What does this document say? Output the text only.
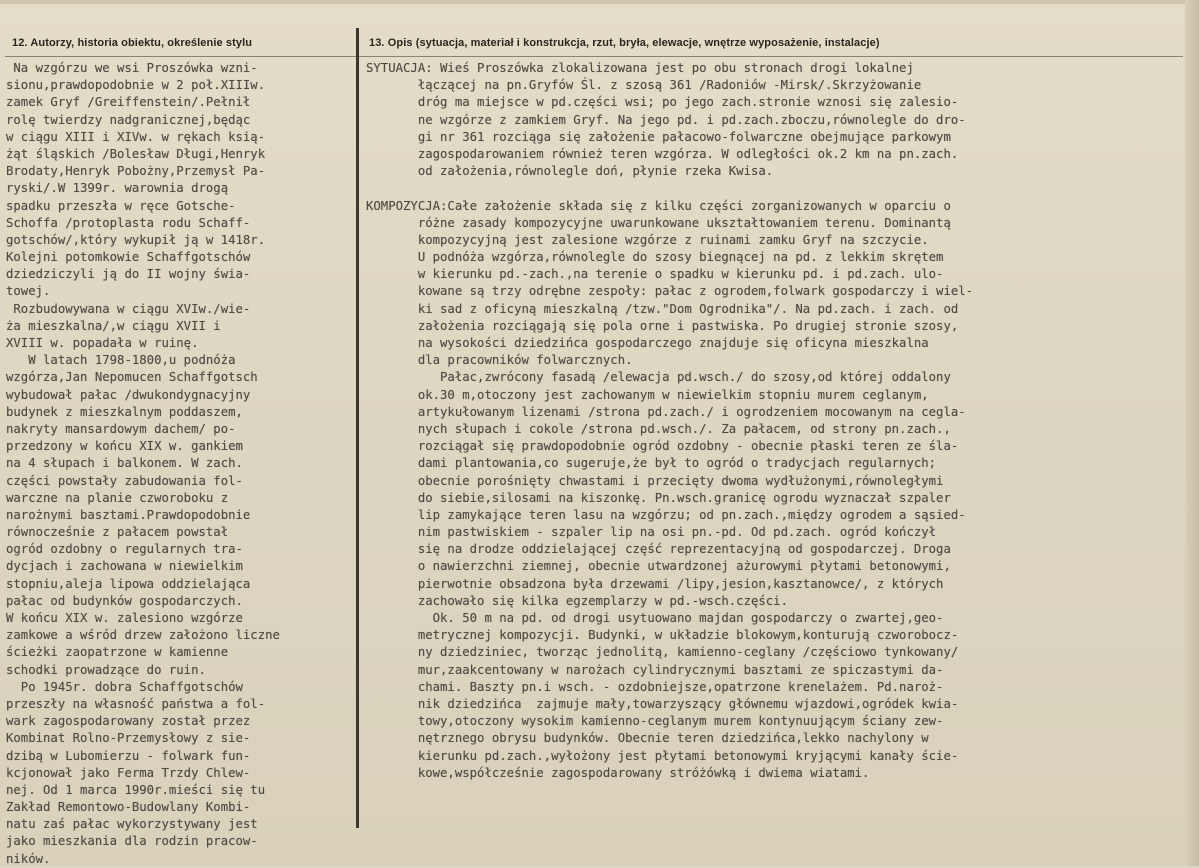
12. Autorzy, historia obiektu, określenie stylu	13. Opis (sytuacja, materiał i konstrukcja, rzut, bryła, elewacje, wnętrze wyposażenie, instalacje)
Na wzgórzu we wsi Proszówka wzni-
sionu,prawdopodobnie w 2 poł.XIIIw.
zamek Gryf /Greiffenstein/.Pełnił
rolę twierdzy nadgranicznej,będąc
w ciągu XIII i XIVw. w rękach ksią-
żąt śląskich /Bolesław Długi,Henryk
Brodaty,Henryk Pobożny,Przemysł Pa-
ryski/.W 1399r. warownia drogą
spadku przeszła w ręce Gotsche-
Schoffa /protoplasta rodu Schaff-
gotschów/,który wykupił ją w 1418r.
Kolejni potomkowie Schaffgotschów
dziedziczyli ją do II wojny świa-
towej.
Rozbudowywana w ciągu XVIw./wie-
ża mieszkalna/,w ciągu XVII i
XVIII w. popadała w ruinę.
W latach 1798-1800,u podnóża
wzgórza,Jan Nepomucen Schaffgotsch
wybudował pałac /dwukondygnacyjny
budynek z mieszkalnym poddaszem,
nakryty mansardowym dachem/ po-
przedzony w końcu XIX w. gankiem
na 4 słupach i balkonem. W zach.
części powstały zabudowania fol-
warczne na planie czworoboku z
narożnymi basztami.Prawdopodobnie
równocześnie z pałacem powstał
ogród ozdobny o regularnych tra-
dycjach i zachowana w niewielkim
stopniu,aleja lipowa oddzielająca
pałac od budynków gospodarczych.
W końcu XIX w. zalesiono wzgórze
zamkowe a wśród drzew założono liczne
ścieżki zaopatrzone w kamienne
schodki prowadzące do ruin.
Po 1945r. dobra Schaffgotschów
przeszły na własność państwa a fol-
wark zagospodarowany został przez
Kombinat Rolno-Przemysłowy z sie-
dzibą w Lubomierzu - folwark fun-
kcjonował jako Ferma Trzdy Chlew-
nej. Od 1 marca 1990r.mieści się tu
Zakład Remontowo-Budowlany Kombi-
natu zaś pałac wykorzystywany jest
jako mieszkania dla rodzin pracow-
ników.
SYTUACJA: Wieś Proszówka zlokalizowana jest po obu stronach drogi lokalnej
łączącej na pn.Gryfów Śl. z szosą 361 /Radoniów -Mirsk/.Skrzyżowanie
dróg ma miejsce w pd.części wsi; po jego zach.stronie wznosi się zalesio-
ne wzgórze z zamkiem Gryf. Na jego pd. i pd.zach.zboczu,równolegle do dro-
gi nr 361 rozciąga się założenie pałacowo-folwarczne obejmujące parkowym
zagospodarowaniem również teren wzgórza. W odległości ok.2 km na pn.zach.
od założenia,równolegle doń, płynie rzeka Kwisa.
KOMPOZYCJA:Całe założenie składa się z kilku części zorganizowanych w oparciu o
różne zasady kompozycyjne uwarunkowane ukształtowaniem terenu. Dominantą
kompozycyjną jest zalesione wzgórze z ruinami zamku Gryf na szczycie.
U podnóża wzgórza,równolegle do szosy biegnącej na pd. z lekkim skrętem
w kierunku pd.-zach.,na terenie o spadku w kierunku pd. i pd.zach. ulo-
kowane są trzy odrębne zespoły: pałac z ogrodem,folwark gospodarczy i wiel-
ki sad z oficyną mieszkalną /tzw."Dom Ogrodnika"/. Na pd.zach. i zach. od
założenia rozciągają się pola orne i pastwiska. Po drugiej stronie szosy,
na wysokości dziedzińca gospodarczego znajduje się oficyna mieszkalna
dla pracowników folwarcznych.
Pałac,zwrócony fasadą /elewacja pd.wsch./ do szosy,od której oddalony
ok.30 m,otoczony jest zachowanym w niewielkim stopniu murem ceglanym,
artykułowanym lizenami /strona pd.zach./ i ogrodzeniem mocowanym na cegla-
nych słupach i cokole /strona pd.wsch./. Za pałacem, od strony pn.zach.,
rozciągał się prawdopodobnie ogród ozdobny - obecnie płaski teren ze śla-
dami plantowania,co sugeruje,że był to ogród o tradycjach regularnych;
obecnie porośnięty chwastami i przecięty dwoma wydłużonymi,równoległymi
do siebie,silosami na kiszonkę. Pn.wsch.granicę ogrodu wyznaczał szpaler
lip zamykające teren lasu na wzgórzu; od pn.zach.,między ogrodem a sąsied-
nim pastwiskiem - szpaler lip na osi pn.-pd. Od pd.zach. ogród kończył
się na drodze oddzielającej część reprezentacyjną od gospodarczej. Droga
o nawierzchni ziemnej, obecnie utwardzonej ażurowymi płytami betonowymi,
pierwotnie obsadzona była drzewami /lipy,jesion,kasztanowce/, z których
zachowało się kilka egzemplarzy w pd.-wsch.części.
Ok. 50 m na pd. od drogi usytuowano majdan gospodarczy o zwartej,geo-
metrycznej kompozycji. Budynki, w układzie blokowym,konturują czworobocz-
ny dziedziniec, tworząc jednolitą, kamienno-ceglany /częściowo tynkowany/
mur,zaakcentowany w narożach cylindrycznymi basztami ze spiczastymi da-
chami. Baszty pn.i wsch. - ozdobniejsze,opatrzone krenelażem. Pd.naroż-
nik dziedzińca  zajmuje mały,towarzyszący głównemu wjazdowi,ogródek kwia-
towy,otoczony wysokim kamienno-ceglanym murem kontynuującym ściany zew-
nętrznego obrysu budynków. Obecnie teren dziedzińca,lekko nachylony w
kierunku pd.zach.,wyłożony jest płytami betonowymi kryjącymi kanały ście-
kowe,współcześnie zagospodarowany stróżówką i dwiema wiatami.
